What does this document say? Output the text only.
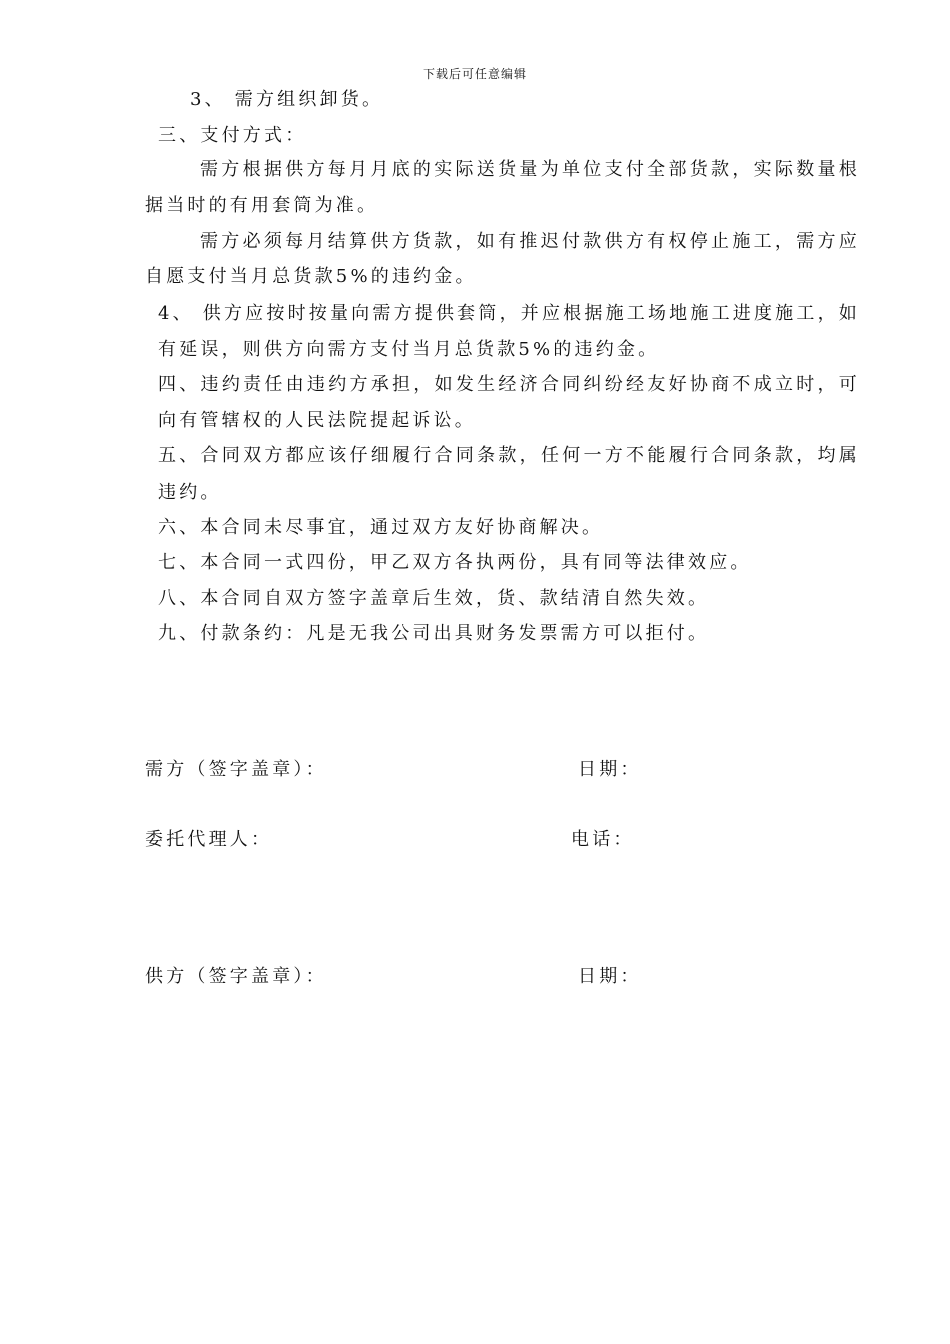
下载后可任意编辑
3、 需方组织卸货。
三、支付方式：
需方根据供方每月月底的实际送货量为单位支付全部货款，实际数量根
据当时的有用套筒为准。
需方必须每月结算供方货款，如有推迟付款供方有权停止施工，需方应
自愿支付当月总货款5%的违约金。
4、 供方应按时按量向需方提供套筒，并应根据施工场地施工进度施工，如
有延误，则供方向需方支付当月总货款5%的违约金。
四、违约责任由违约方承担，如发生经济合同纠纷经友好协商不成立时，可
向有管辖权的人民法院提起诉讼。
五、合同双方都应该仔细履行合同条款，任何一方不能履行合同条款，均属
违约。
六、本合同未尽事宜，通过双方友好协商解决。
七、本合同一式四份，甲乙双方各执两份，具有同等法律效应。
八、本合同自双方签字盖章后生效，货、款结清自然失效。
九、付款条约：凡是无我公司出具财务发票需方可以拒付。
需方（签字盖章）：	日期：
委托代理人：	电话：
供方（签字盖章）：	日期：
